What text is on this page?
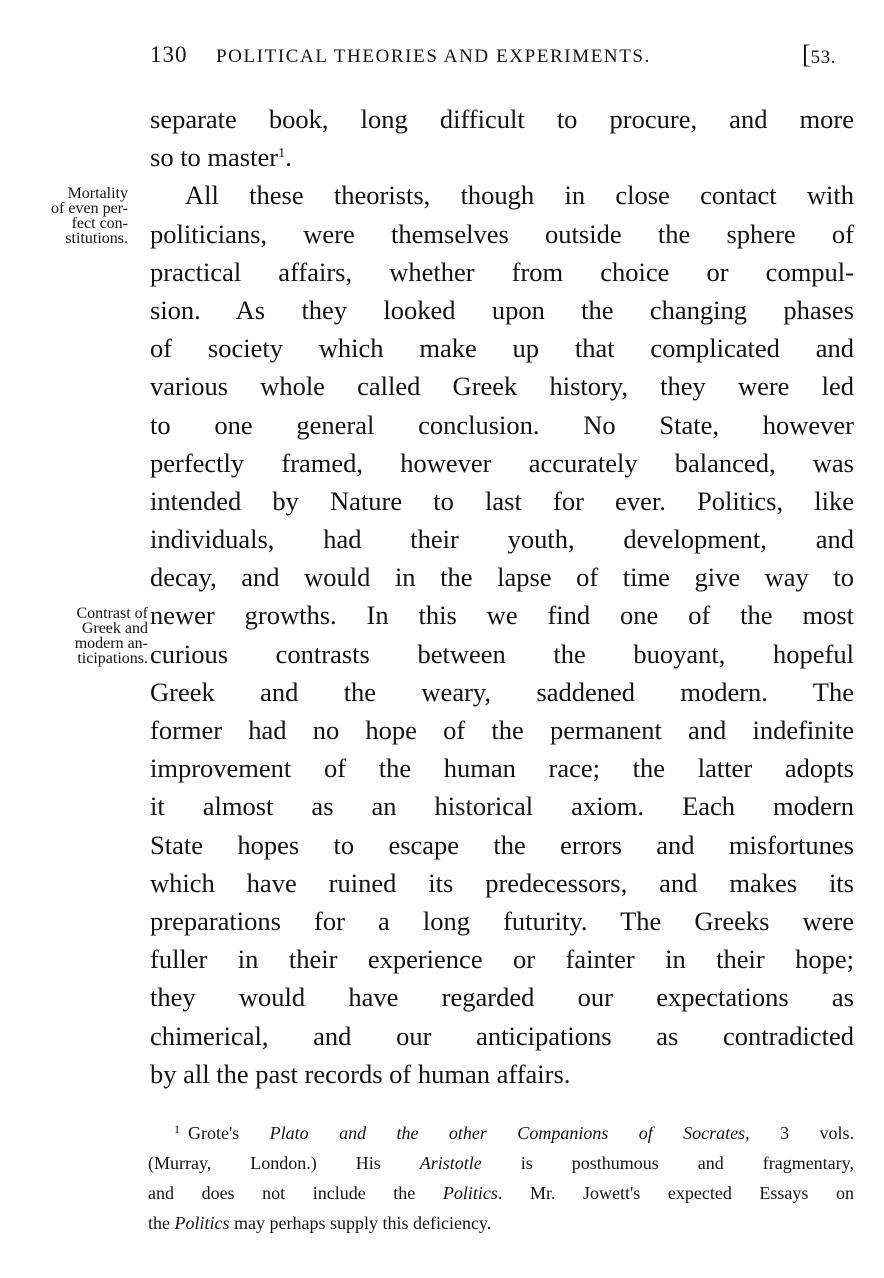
130 POLITICAL THEORIES AND EXPERIMENTS.	[53.
Mortality
of even per-
fect con-
stitutions.
Contrast of
Greek and
modern an-
ticipations.
separate book, long difficult to procure, and more
so to master$^1$.
All these theorists, though in close contact with
politicians, were themselves outside the sphere of
practical affairs, whether from choice or compul-
sion. As they looked upon the changing phases
of society which make up that complicated and
various whole called Greek history, they were led
to one general conclusion. No State, however
perfectly framed, however accurately balanced, was
intended by Nature to last for ever. Politics, like
individuals, had their youth, development, and
decay, and would in the lapse of time give way to
newer growths. In this we find one of the most
curious contrasts between the buoyant, hopeful
Greek and the weary, saddened modern. The
former had no hope of the permanent and indefinite
improvement of the human race; the latter adopts
it almost as an historical axiom. Each modern
State hopes to escape the errors and misfortunes
which have ruined its predecessors, and makes its
preparations for a long futurity. The Greeks were
fuller in their experience or fainter in their hope;
they would have regarded our expectations as
chimerical, and our anticipations as contradicted
by all the past records of human affairs.
$^1$ Grote's Plato and the other Companions of Socrates, 3 vols.
(Murray, London.) His Aristotle is posthumous and fragmentary,
and does not include the Politics. Mr. Jowett's expected Essays on
the Politics may perhaps supply this deficiency.
